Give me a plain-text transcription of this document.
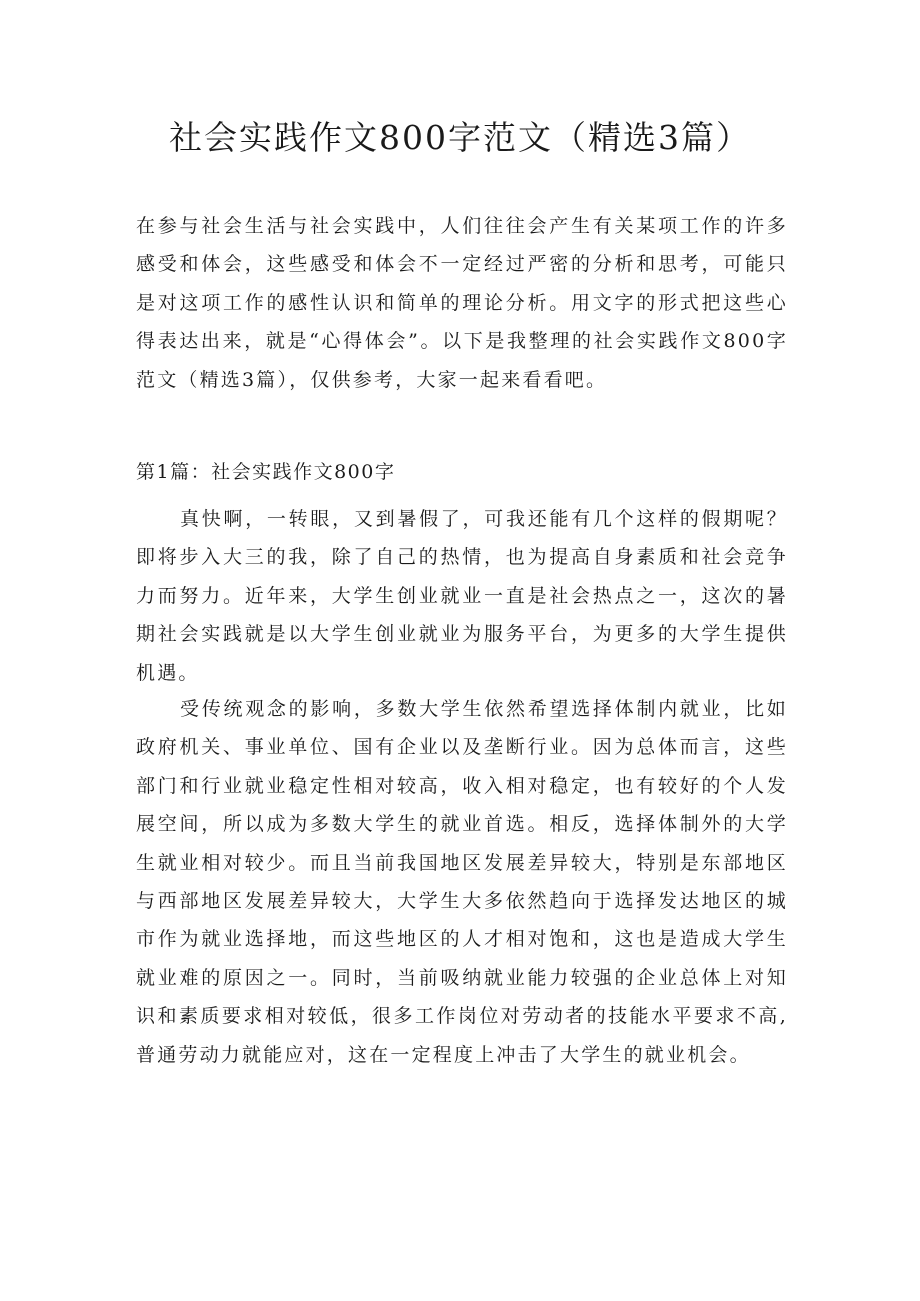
社会实践作文800字范文（精选3篇）

在参与社会生活与社会实践中，人们往往会产生有关某项工作的许多感受和体会，这些感受和体会不一定经过严密的分析和思考，可能只是对这项工作的感性认识和简单的理论分析。用文字的形式把这些心得表达出来，就是“心得体会”。以下是我整理的社会实践作文800字范文（精选3篇），仅供参考，大家一起来看看吧。

第1篇：社会实践作文800字

真快啊，一转眼，又到暑假了，可我还能有几个这样的假期呢？即将步入大三的我，除了自己的热情，也为提高自身素质和社会竞争力而努力。近年来，大学生创业就业一直是社会热点之一，这次的暑期社会实践就是以大学生创业就业为服务平台，为更多的大学生提供机遇。

受传统观念的影响，多数大学生依然希望选择体制内就业，比如政府机关、事业单位、国有企业以及垄断行业。因为总体而言，这些部门和行业就业稳定性相对较高，收入相对稳定，也有较好的个人发展空间，所以成为多数大学生的就业首选。相反，选择体制外的大学生就业相对较少。而且当前我国地区发展差异较大，特别是东部地区与西部地区发展差异较大，大学生大多依然趋向于选择发达地区的城市作为就业选择地，而这些地区的人才相对饱和，这也是造成大学生就业难的原因之一。同时，当前吸纳就业能力较强的企业总体上对知识和素质要求相对较低，很多工作岗位对劳动者的技能水平要求不高,普通劳动力就能应对，这在一定程度上冲击了大学生的就业机会。
